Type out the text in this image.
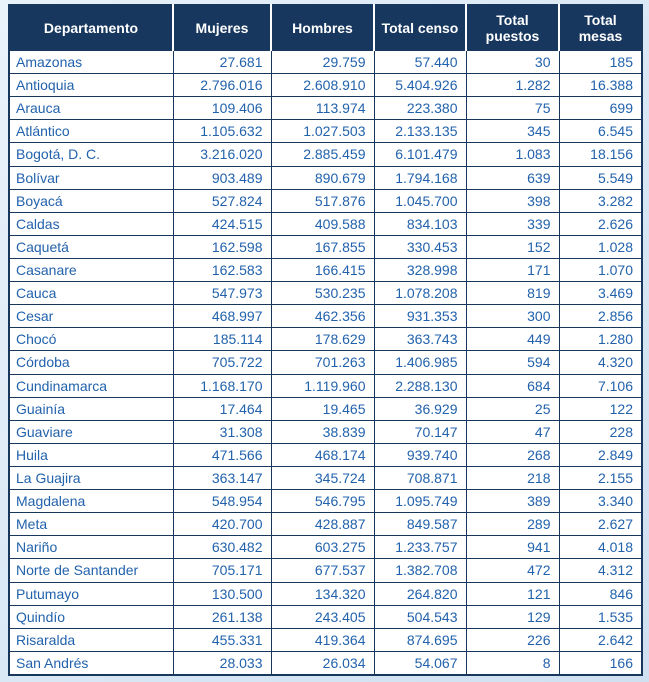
Departamento	Mujeres	Hombres	Total censo	Total puestos	Total mesas
Amazonas	27.681	29.759	57.440	30	185
Antioquia	2.796.016	2.608.910	5.404.926	1.282	16.388
Arauca	109.406	113.974	223.380	75	699
Atlántico	1.105.632	1.027.503	2.133.135	345	6.545
Bogotá, D. C.	3.216.020	2.885.459	6.101.479	1.083	18.156
Bolívar	903.489	890.679	1.794.168	639	5.549
Boyacá	527.824	517.876	1.045.700	398	3.282
Caldas	424.515	409.588	834.103	339	2.626
Caquetá	162.598	167.855	330.453	152	1.028
Casanare	162.583	166.415	328.998	171	1.070
Cauca	547.973	530.235	1.078.208	819	3.469
Cesar	468.997	462.356	931.353	300	2.856
Chocó	185.114	178.629	363.743	449	1.280
Córdoba	705.722	701.263	1.406.985	594	4.320
Cundinamarca	1.168.170	1.119.960	2.288.130	684	7.106
Guainía	17.464	19.465	36.929	25	122
Guaviare	31.308	38.839	70.147	47	228
Huila	471.566	468.174	939.740	268	2.849
La Guajira	363.147	345.724	708.871	218	2.155
Magdalena	548.954	546.795	1.095.749	389	3.340
Meta	420.700	428.887	849.587	289	2.627
Nariño	630.482	603.275	1.233.757	941	4.018
Norte de Santander	705.171	677.537	1.382.708	472	4.312
Putumayo	130.500	134.320	264.820	121	846
Quindío	261.138	243.405	504.543	129	1.535
Risaralda	455.331	419.364	874.695	226	2.642
San Andrés	28.033	26.034	54.067	8	166
